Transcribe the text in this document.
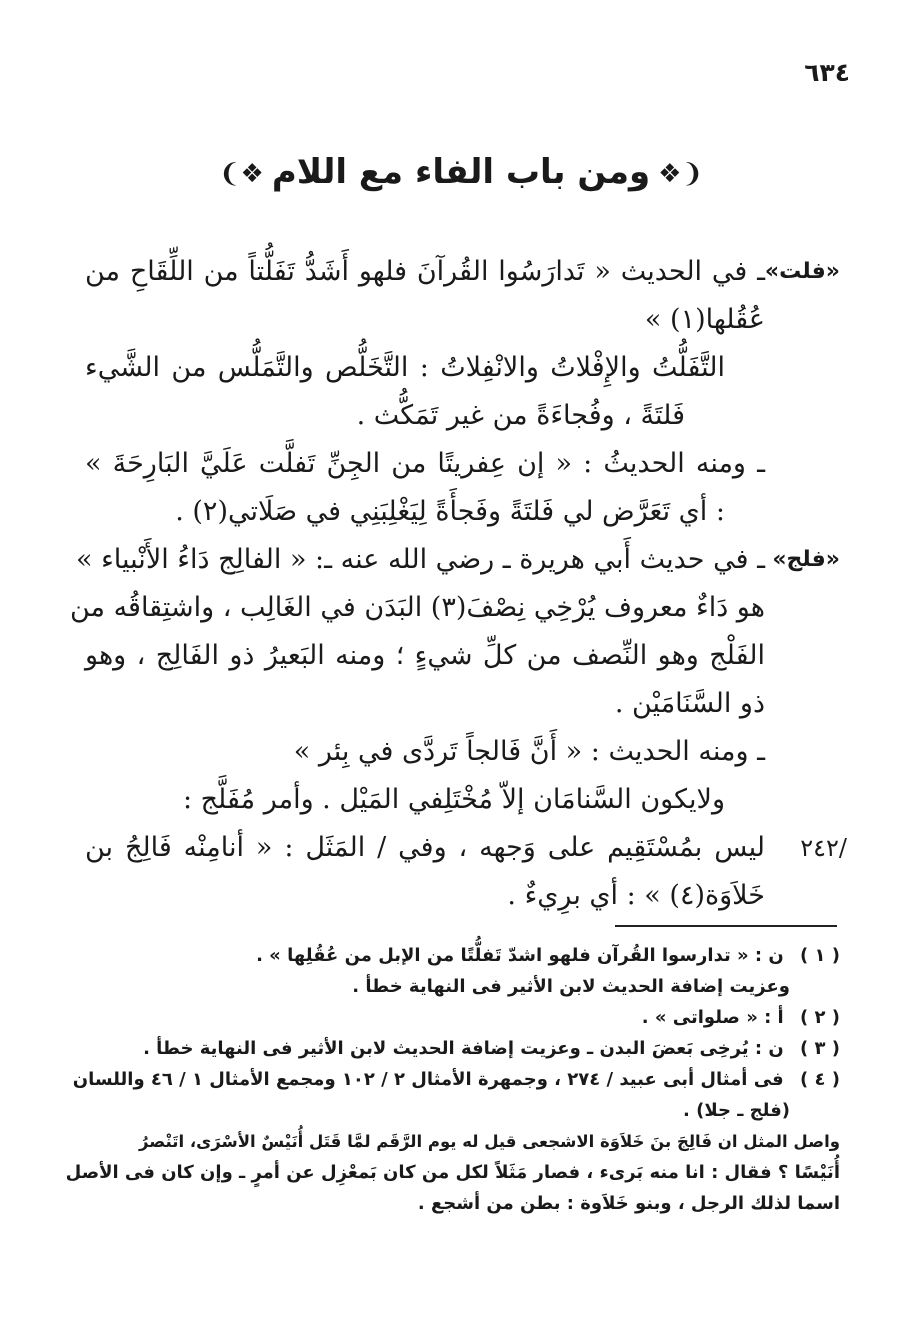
٦٣٤
❨❖ومن باب الفاء مع اللام❖❩
«فلت»
ـ في الحديث « تَدارَسُوا القُرآنَ فلهو أَشَدُّ تَفَلُّتاً من اللِّقَاحِ من
عُقُلها(١) »
التَّفَلُّتُ والإِفْلاتُ والانْفِلاتُ : التَّخَلُّص والتَّمَلُّس من الشَّيء
فَلتَةً ، وفُجاءَةً من غير تَمَكُّث .
ـ ومنه الحديثُ : « إن عِفريتًا من الجِنِّ تَفلَّت عَلَيَّ البَارِحَةَ »
: أي تَعَرَّض لي فَلتَةً وفَجأَةً لِيَغْلِبَنِي في صَلَاتي(٢) .
«فلج»
ـ في حديث أَبي هريرة ـ رضي الله عنه ـ: « الفالِج دَاءُ الأَنْبياء »
هو دَاءٌ معروف يُرْخِي نِصْفَ(٣) البَدَن في الغَالِب ، واشتِقاقُه من
الفَلْج وهو النِّصف من كلِّ شيءٍ ؛ ومنه البَعيرُ ذو الفَالِج ، وهو
ذو السَّنَامَيْن .
ـ ومنه الحديث : « أَنَّ فَالجاً تَردَّى في بِئر »
ولايكون السَّنامَان إلاّ مُخْتَلِفي المَيْل . وأمر مُفَلَّج :
ليس بمُسْتَقِيم على وَجهه ، وفي / المَثَل : « أنامِنْه فَالِجُ بن ٢٤٢/
خَلاَوَة(٤) » : أي برِيءٌ .
( ١ ) ن : « تدارسوا القُرآن فلهو اشدّ تَفلُّتًا من الإبل من عُقُلِها » .
وعزيت إضافة الحديث لابن الأثير فى النهاية خطأ .
( ٢ ) أ : « صلواتى » .
( ٣ ) ن : يُرخِى بَعضَ البدن ـ وعزيت إضافة الحديث لابن الأثير فى النهاية خطأ .
( ٤ ) فى أمثال أبى عبيد / ٢٧٤ ، وجمهرة الأمثال ٢ / ١٠٢ ومجمع الأمثال ١ / ٤٦ واللسان
(فلج ـ جلا) .
واصل المثل ان فَالِجَ بنَ خَلاَوَة الاشجعى قيل له يوم الرَّقَم لمَّا قَتَل أُنَيْسٌ الأسْرَى، اتَنْصرُ
أُنَيْسًا ؟ فقال : انا منه بَرىء ، فصار مَثَلاً لكل من كان بَمعْزِل عن أمرٍ ـ وإن كان فى الأصل
اسما لذلك الرجل ، وبنو خَلاَوة : بطن من أشجع .
